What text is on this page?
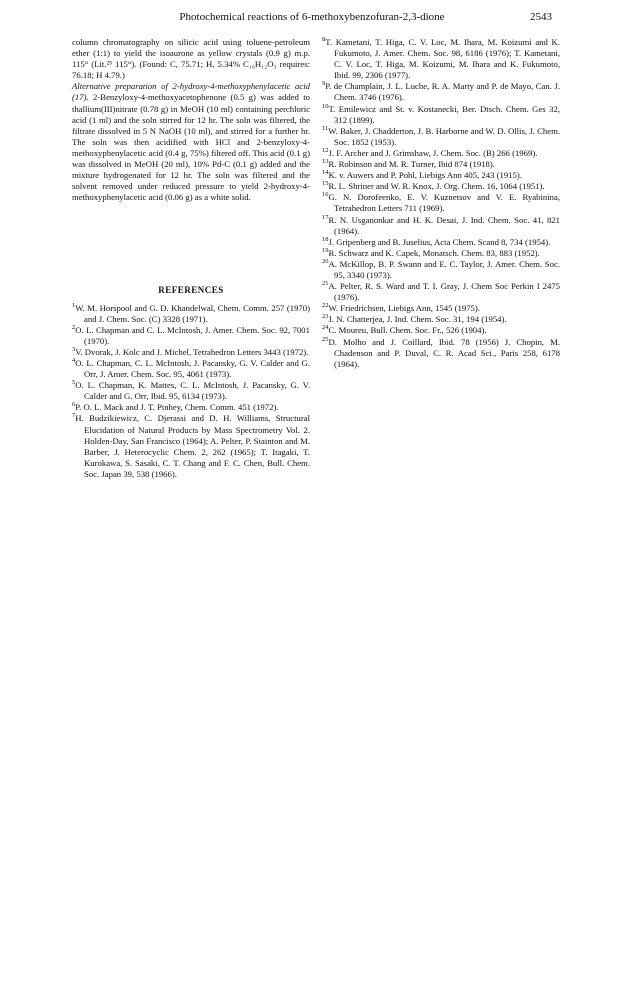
Photochemical reactions of 6-methoxybenzofuran-2,3-dione	2543

column chromatography on silicic acid using toluene-petroleum ether (1:1) to yield the isoaurone as yellow crystals (0.9 g) m.p. 115° (Lit.²⁵ 115°). (Found: C, 75.71; H, 5.34% C₁₆H₁₂O₃ requires: 76.18; H 4.79.)

Alternative preparation of 2-hydroxy-4-methoxyphenylacetic acid (17). 2-Benzyloxy-4-methoxyacetophenone (0.5 g) was added to thallium(III)nitrate (0.78 g) in MeOH (10 ml) containing perchloric acid (1 ml) and the soln stirred for 12 hr. The soln was filtered, the filtrate dissolved in 5 N NaOH (10 ml), and stirred for a further hr. The soln was then acidified with HCl and 2-benzyloxy-4-methoxyphenylacetic acid (0.4 g, 75%) filtered off. This acid (0.1 g) was dissolved in MeOH (20 ml), 10% Pd-C (0.1 g) added and the mixture hydrogenated for 12 hr. The soln was filtered and the solvent removed under reduced pressure to yield 2-hydroxy-4-methoxyphenylacetic acid (0.06 g) as a white solid.

REFERENCES

$^1$W. M. Horspool and G. D. Khandelwal, Chem. Comm. 257 (1970) and J. Chem. Soc. (C) 3328 (1971).

$^2$O. L. Chapman and C. L. McIntosh, J. Amer. Chem. Soc. 92, 7001 (1970).

$^3$V. Dvorak, J. Kolc and J. Michel, Tetrahedron Letters 3443 (1972).

$^4$O. L. Chapman, C. L. McIntosh, J. Pacansky, G. V. Calder and G. Orr, J. Amer. Chem. Soc. 95, 4061 (1973).

$^5$O. L. Chapman, K. Mattes, C. L. McIntosh, J. Pacansky, G. V. Calder and G. Orr, Ibid. 95, 6134 (1973).

$^6$P. O. L. Mack and J. T. Pinhey, Chem. Comm. 451 (1972).

$^7$H. Budzikiewicz, C. Djerassi and D. H. Williams, Structural Elucidation of Natural Products by Mass Spectrometry Vol. 2. Holden-Day, San Francisco (1964); A. Pelter, P. Stainton and M. Barber, J. Heterocyclic Chem. 2, 262 (1965); T. Itagaki, T. Kurokawa, S. Sasaki, C. T. Chang and F. C. Chen, Bull. Chem. Soc. Japan 39, 538 (1966).

$^8$T. Kametani, T. Higa, C. V. Loc, M. Ihara, M. Koizumi and K. Fukumoto, J. Amer. Chem. Soc. 98, 6186 (1976); T. Kametani, C. V. Loc, T. Higa, M. Koizumi, M. Ihara and K. Fukumoto, Ibid. 99, 2306 (1977).

$^9$P. de Champlain, J. L. Luche, R. A. Marty and P. de Mayo, Can. J. Chem. 3746 (1976).

$^{10}$T. Emilewicz and St. v. Kostanecki, Ber. Dtsch. Chem. Ges 32, 312 (1899).

$^{11}$W. Baker, J. Chadderton, J. B. Harborne and W. D. Ollis, J. Chem. Soc. 1852 (1953).

$^{12}$J. F. Archer and J. Grimshaw, J. Chem. Soc. (B) 266 (1969).

$^{13}$R. Robinson and M. R. Turner, Ibid 874 (1918).

$^{14}$K. v. Auwers and P. Pohl, Liebigs Ann 405, 243 (1915).

$^{15}$R. L. Shriner and W. R. Knox, J. Org. Chem. 16, 1064 (1951).

$^{16}$G. N. Dorofeenko, E. V. Kuznetsov and V. E. Ryabinina, Tetrahedron Letters 711 (1969).

$^{17}$R. N. Usganonkar and H. K. Desai, J. Ind. Chem. Soc. 41, 821 (1964).

$^{18}$J. Gripenberg and B. Juselius, Acta Chem. Scand 8, 734 (1954).

$^{19}$R. Schwarz and K. Capek, Monatsch. Chem. 83, 883 (1952).

$^{20}$A. McKillop, B. P. Swann and E. C. Taylor, J. Amer. Chem. Soc. 95, 3340 (1973).

$^{21}$A. Pelter, R. S. Ward and T. I. Gray, J. Chem Soc Perkin I 2475 (1976).

$^{22}$W. Friedrichsen, Liebigs Ann, 1545 (1975).

$^{23}$J. N. Chatterjea, J. Ind. Chem. Soc. 31, 194 (1954).

$^{24}$C. Moureu, Bull. Chem. Soc. Fr., 526 (1904).

$^{25}$D. Molho and J. Coillard, Ibid. 78 (1956) J. Chopin, M. Chadenson and P. Duval, C. R. Acad Sci., Paris 258, 6178 (1964).
